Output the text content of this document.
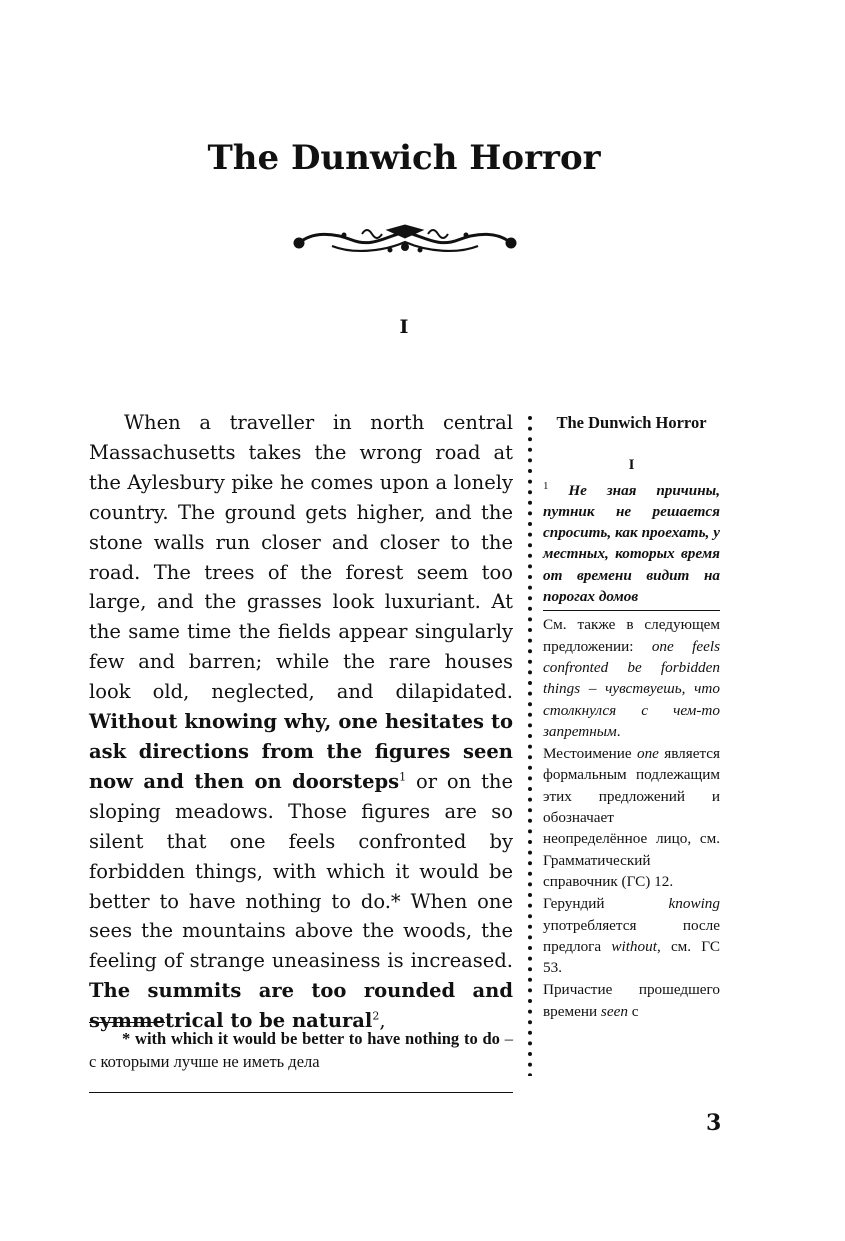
The Dunwich Horror
I

When a traveller in north central Massachusetts takes the wrong road at the Aylesbury pike he comes upon a lonely country. The ground gets higher, and the stone walls run closer and closer to the road. The trees of the forest seem too large, and the grasses look luxuriant. At the same time the fields appear singularly few and barren; while the rare houses look old, neglected, and dilapidated. Without knowing why, one hesitates to ask directions from the figures seen now and then on doorsteps$^1$ or on the sloping meadows. Those figures are so silent that one feels confronted by forbidden things, with which it would be better to have nothing to do.* When one sees the mountains above the woods, the feeling of strange uneasiness is increased. The summits are too rounded and symmetrical to be natural$^2$,

* with which it would be better to have nothing to do – с которыми лучше не иметь дела

The Dunwich Horror
I

$^1$ Не зная причины, путник не решается спросить, как проехать, у местных, которых время от времени видит на порогах домов

См. также в следующем предложении: one feels confronted be forbidden things – чувствуешь, что столкнулся с чем-то запретным.

Местоимение one является формальным подлежащим этих предложений и обозначает неопределённое лицо, см. Грамматический справочник (ГС) 12.

Герундий	knowing употребляется после предлога without, см. ГС 53.

Причастие прошедшего времени seen с

3
